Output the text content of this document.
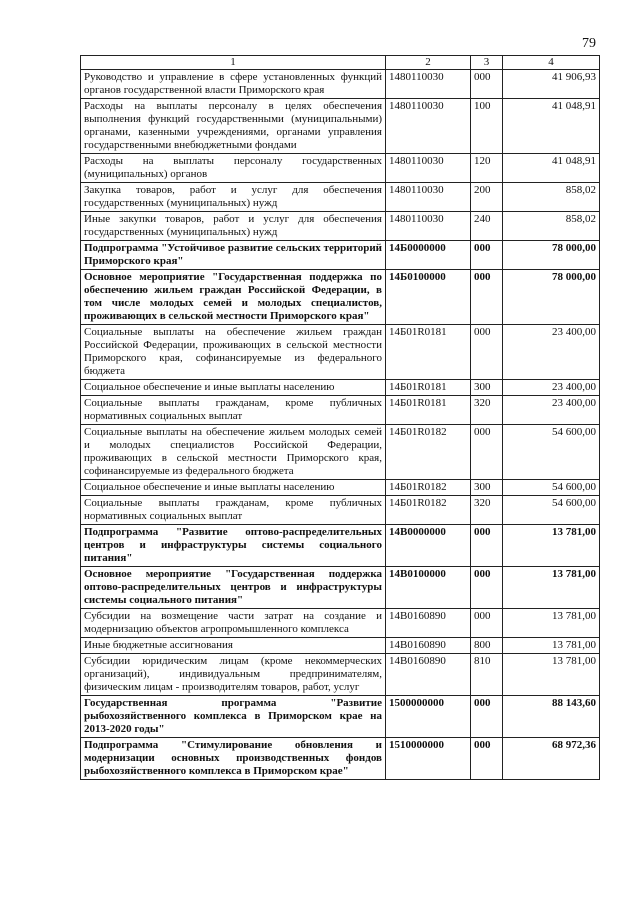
79
1	2	3	4
Руководство и управление в сфере установленных функций органов государственной власти Приморского края	1480110030	000	41 906,93
Расходы на выплаты персоналу в целях обеспечения выполнения функций государственными (муниципальными) органами, казенными учреждениями, органами управления государственными внебюджетными фондами	1480110030	100	41 048,91
Расходы на выплаты персоналу государственных (муниципальных) органов	1480110030	120	41 048,91
Закупка товаров, работ и услуг для обеспечения государственных (муниципальных) нужд	1480110030	200	858,02
Иные закупки товаров, работ и услуг для обеспечения государственных (муниципальных) нужд	1480110030	240	858,02
Подпрограмма "Устойчивое развитие сельских территорий Приморского края"	14Б0000000	000	78 000,00
Основное мероприятие "Государственная поддержка по обеспечению жильем граждан Российской Федерации, в том числе молодых семей и молодых специалистов, проживающих в сельской местности Приморского края"	14Б0100000	000	78 000,00
Социальные выплаты на обеспечение жильем граждан Российской Федерации, проживающих в сельской местности Приморского края, софинансируемые из федерального бюджета	14Б01R0181	000	23 400,00
Социальное обеспечение и иные выплаты населению	14Б01R0181	300	23 400,00
Социальные выплаты гражданам, кроме публичных нормативных социальных выплат	14Б01R0181	320	23 400,00
Социальные выплаты на обеспечение жильем молодых семей и молодых специалистов Российской Федерации, проживающих в сельской местности Приморского края, софинансируемые из федерального бюджета	14Б01R0182	000	54 600,00
Социальное обеспечение и иные выплаты населению	14Б01R0182	300	54 600,00
Социальные выплаты гражданам, кроме публичных нормативных социальных выплат	14Б01R0182	320	54 600,00
Подпрограмма "Развитие оптово-распределительных центров и инфраструктуры системы социального питания"	14В0000000	000	13 781,00
Основное мероприятие "Государственная поддержка оптово-распределительных центров и инфраструктуры системы социального питания"	14В0100000	000	13 781,00
Субсидии на возмещение части затрат на создание и модернизацию объектов агропромышленного комплекса	14В0160890	000	13 781,00
Иные бюджетные ассигнования	14В0160890	800	13 781,00
Субсидии юридическим лицам (кроме некоммерческих организаций), индивидуальным предпринимателям, физическим лицам - производителям товаров, работ, услуг	14В0160890	810	13 781,00
Государственная программа "Развитие рыбохозяйственного комплекса в Приморском крае на 2013-2020 годы"	1500000000	000	88 143,60
Подпрограмма "Стимулирование обновления и модернизации основных производственных фондов рыбохозяйственного комплекса в Приморском крае"	1510000000	000	68 972,36
